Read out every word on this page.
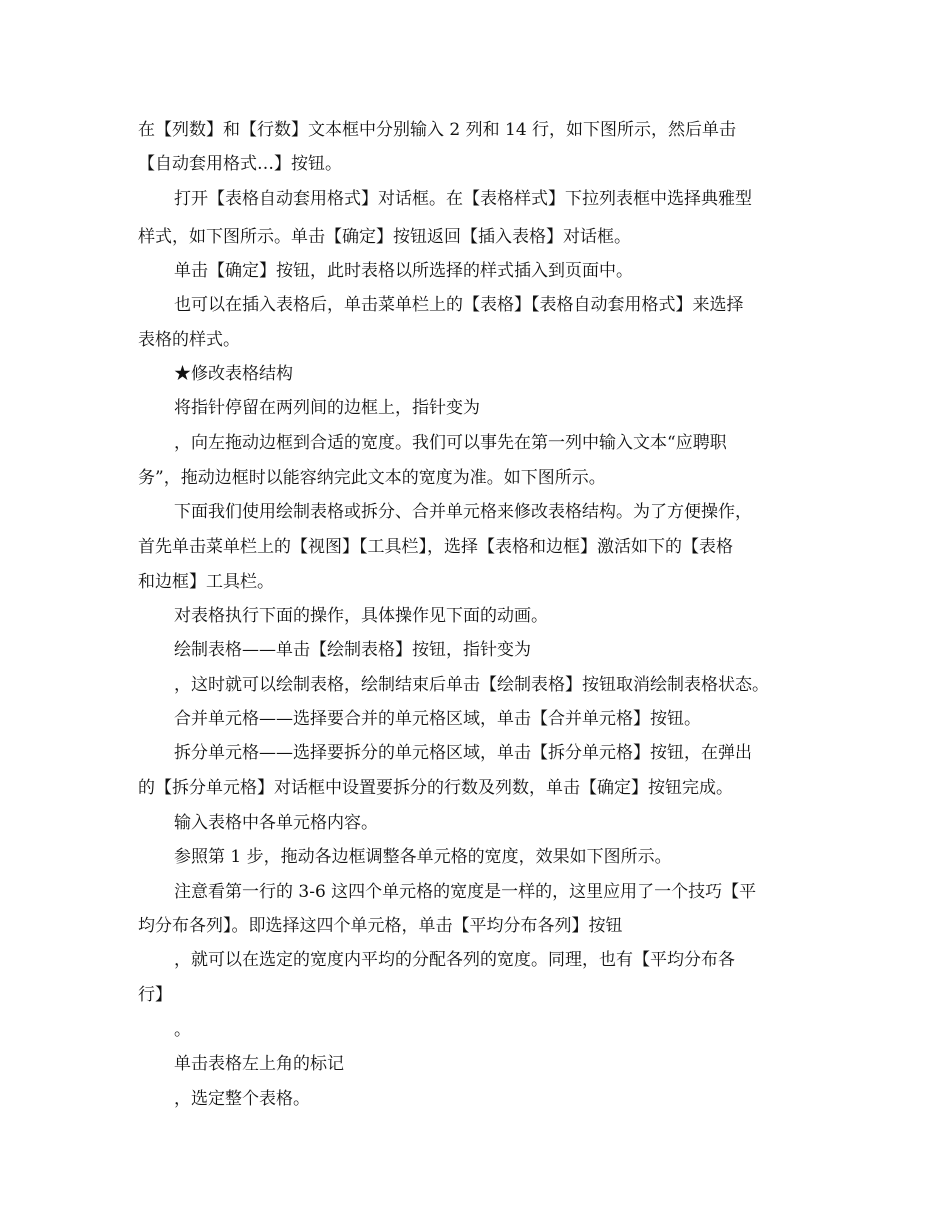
在【列数】和【行数】文本框中分别输入 2 列和 14 行，如下图所示，然后单击
【自动套用格式…】按钮。
打开【表格自动套用格式】对话框。在【表格样式】下拉列表框中选择典雅型
样式，如下图所示。单击【确定】按钮返回【插入表格】对话框。
单击【确定】按钮，此时表格以所选择的样式插入到页面中。
也可以在插入表格后，单击菜单栏上的【表格】【表格自动套用格式】来选择
表格的样式。
★修改表格结构
将指针停留在两列间的边框上，指针变为
，向左拖动边框到合适的宽度。我们可以事先在第一列中输入文本“应聘职
务”，拖动边框时以能容纳完此文本的宽度为准。如下图所示。
下面我们使用绘制表格或拆分、合并单元格来修改表格结构。为了方便操作，
首先单击菜单栏上的【视图】【工具栏】，选择【表格和边框】激活如下的【表格
和边框】工具栏。
对表格执行下面的操作，具体操作见下面的动画。
绘制表格——单击【绘制表格】按钮，指针变为
，这时就可以绘制表格，绘制结束后单击【绘制表格】按钮取消绘制表格状态。
合并单元格——选择要合并的单元格区域，单击【合并单元格】按钮。
拆分单元格——选择要拆分的单元格区域，单击【拆分单元格】按钮，在弹出
的【拆分单元格】对话框中设置要拆分的行数及列数，单击【确定】按钮完成。
输入表格中各单元格内容。
参照第 1 步，拖动各边框调整各单元格的宽度，效果如下图所示。
注意看第一行的 3-6 这四个单元格的宽度是一样的，这里应用了一个技巧【平
均分布各列】。即选择这四个单元格，单击【平均分布各列】按钮
，就可以在选定的宽度内平均的分配各列的宽度。同理，也有【平均分布各
行】
。
单击表格左上角的标记
，选定整个表格。
